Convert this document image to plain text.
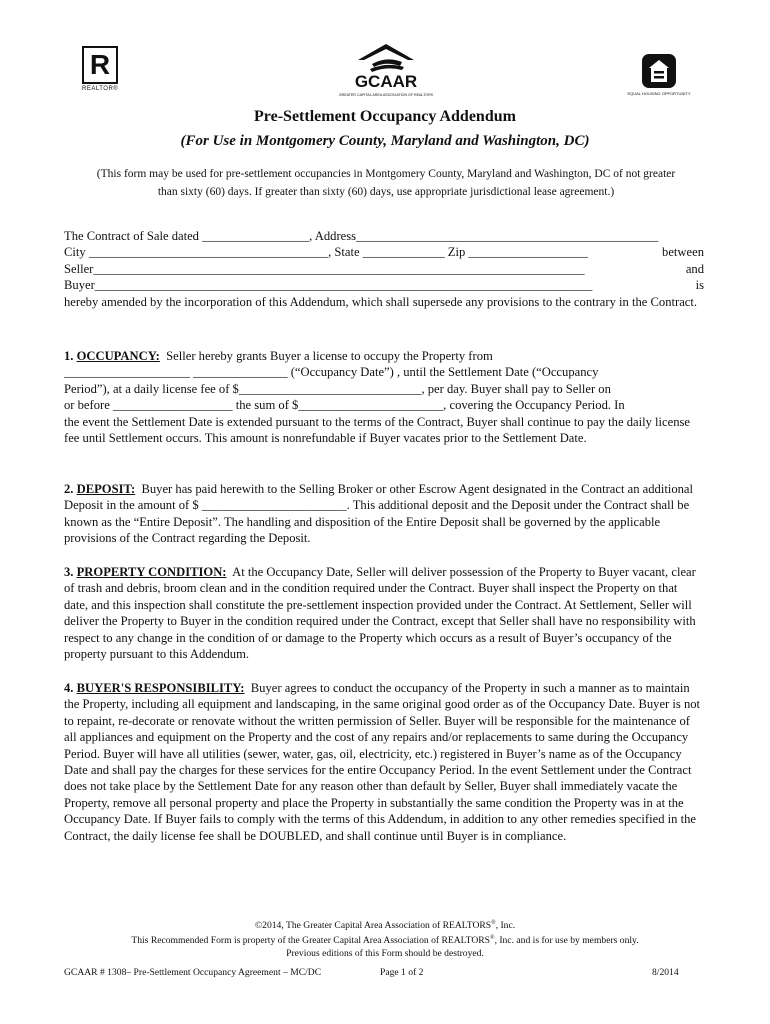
R
REALTOR®	GCAAR
GREATER CAPITAL AREA ASSOCIATION OF REALTORS	EQUAL HOUSING OPPORTUNITY
Pre-Settlement Occupancy Addendum
(For Use in Montgomery County, Maryland and Washington, DC)
(This form may be used for pre-settlement occupancies in Montgomery County, Maryland and Washington, DC of not greater
than sixty (60) days. If greater than sixty (60) days, use appropriate jurisdictional lease agreement.)
The Contract of Sale dated _________________, Address ________________________________________________
City ______________________________________, State _____________ Zip ___________________	between
Seller ______________________________________________________________________________	and
Buyer _______________________________________________________________________________	is
hereby amended by the incorporation of this Addendum, which shall supersede any provisions to the contrary in the Contract.
1. OCCUPANCY: Seller hereby grants Buyer a license to occupy the Property from
____________________ _______________ (“Occupancy Date”) , until the Settlement Date (“Occupancy
Period”), at a daily license fee of $_____________________________, per day. Buyer shall pay to Seller on
or before ___________________ the sum of $_______________________, covering the Occupancy Period. In
the event the Settlement Date is extended pursuant to the terms of the Contract, Buyer shall continue to pay the daily license fee until Settlement occurs. This amount is nonrefundable if Buyer vacates prior to the Settlement Date.
2. DEPOSIT: Buyer has paid herewith to the Selling Broker or other Escrow Agent designated in the Contract an additional Deposit in the amount of $ _______________________. This additional deposit and the Deposit under the Contract shall be known as the “Entire Deposit”. The handling and disposition of the Entire Deposit shall be governed by the applicable provisions of the Contract regarding the Deposit.
3. PROPERTY CONDITION: At the Occupancy Date, Seller will deliver possession of the Property to Buyer vacant, clear of trash and debris, broom clean and in the condition required under the Contract. Buyer shall inspect the Property on that date, and this inspection shall constitute the pre-settlement inspection provided under the Contract. At Settlement, Seller will deliver the Property to Buyer in the condition required under the Contract, except that Seller shall have no responsibility with respect to any change in the condition of or damage to the Property which occurs as a result of Buyer’s occupancy of the property pursuant to this Addendum.
4. BUYER'S RESPONSIBILITY: Buyer agrees to conduct the occupancy of the Property in such a manner as to maintain the Property, including all equipment and landscaping, in the same original good order as of the Occupancy Date. Buyer is not to repaint, re-decorate or renovate without the written permission of Seller. Buyer will be responsible for the maintenance of all appliances and equipment on the Property and the cost of any repairs and/or replacements to same during the Occupancy Period. Buyer will have all utilities (sewer, water, gas, oil, electricity, etc.) registered in Buyer’s name as of the Occupancy Date and shall pay the charges for these services for the entire Occupancy Period. In the event Settlement under the Contract does not take place by the Settlement Date for any reason other than default by Seller, Buyer shall immediately vacate the Property, remove all personal property and place the Property in substantially the same condition the Property was in at the Occupancy Date. If Buyer fails to comply with the terms of this Addendum, in addition to any other remedies specified in the Contract, the daily license fee shall be DOUBLED, and shall continue until Buyer is in compliance.
©2014, The Greater Capital Area Association of REALTORS®, Inc.
This Recommended Form is property of the Greater Capital Area Association of REALTORS®, Inc. and is for use by members only.
Previous editions of this Form should be destroyed.
GCAAR # 1308– Pre-Settlement Occupancy Agreement – MC/DC	Page 1 of 2	8/2014
